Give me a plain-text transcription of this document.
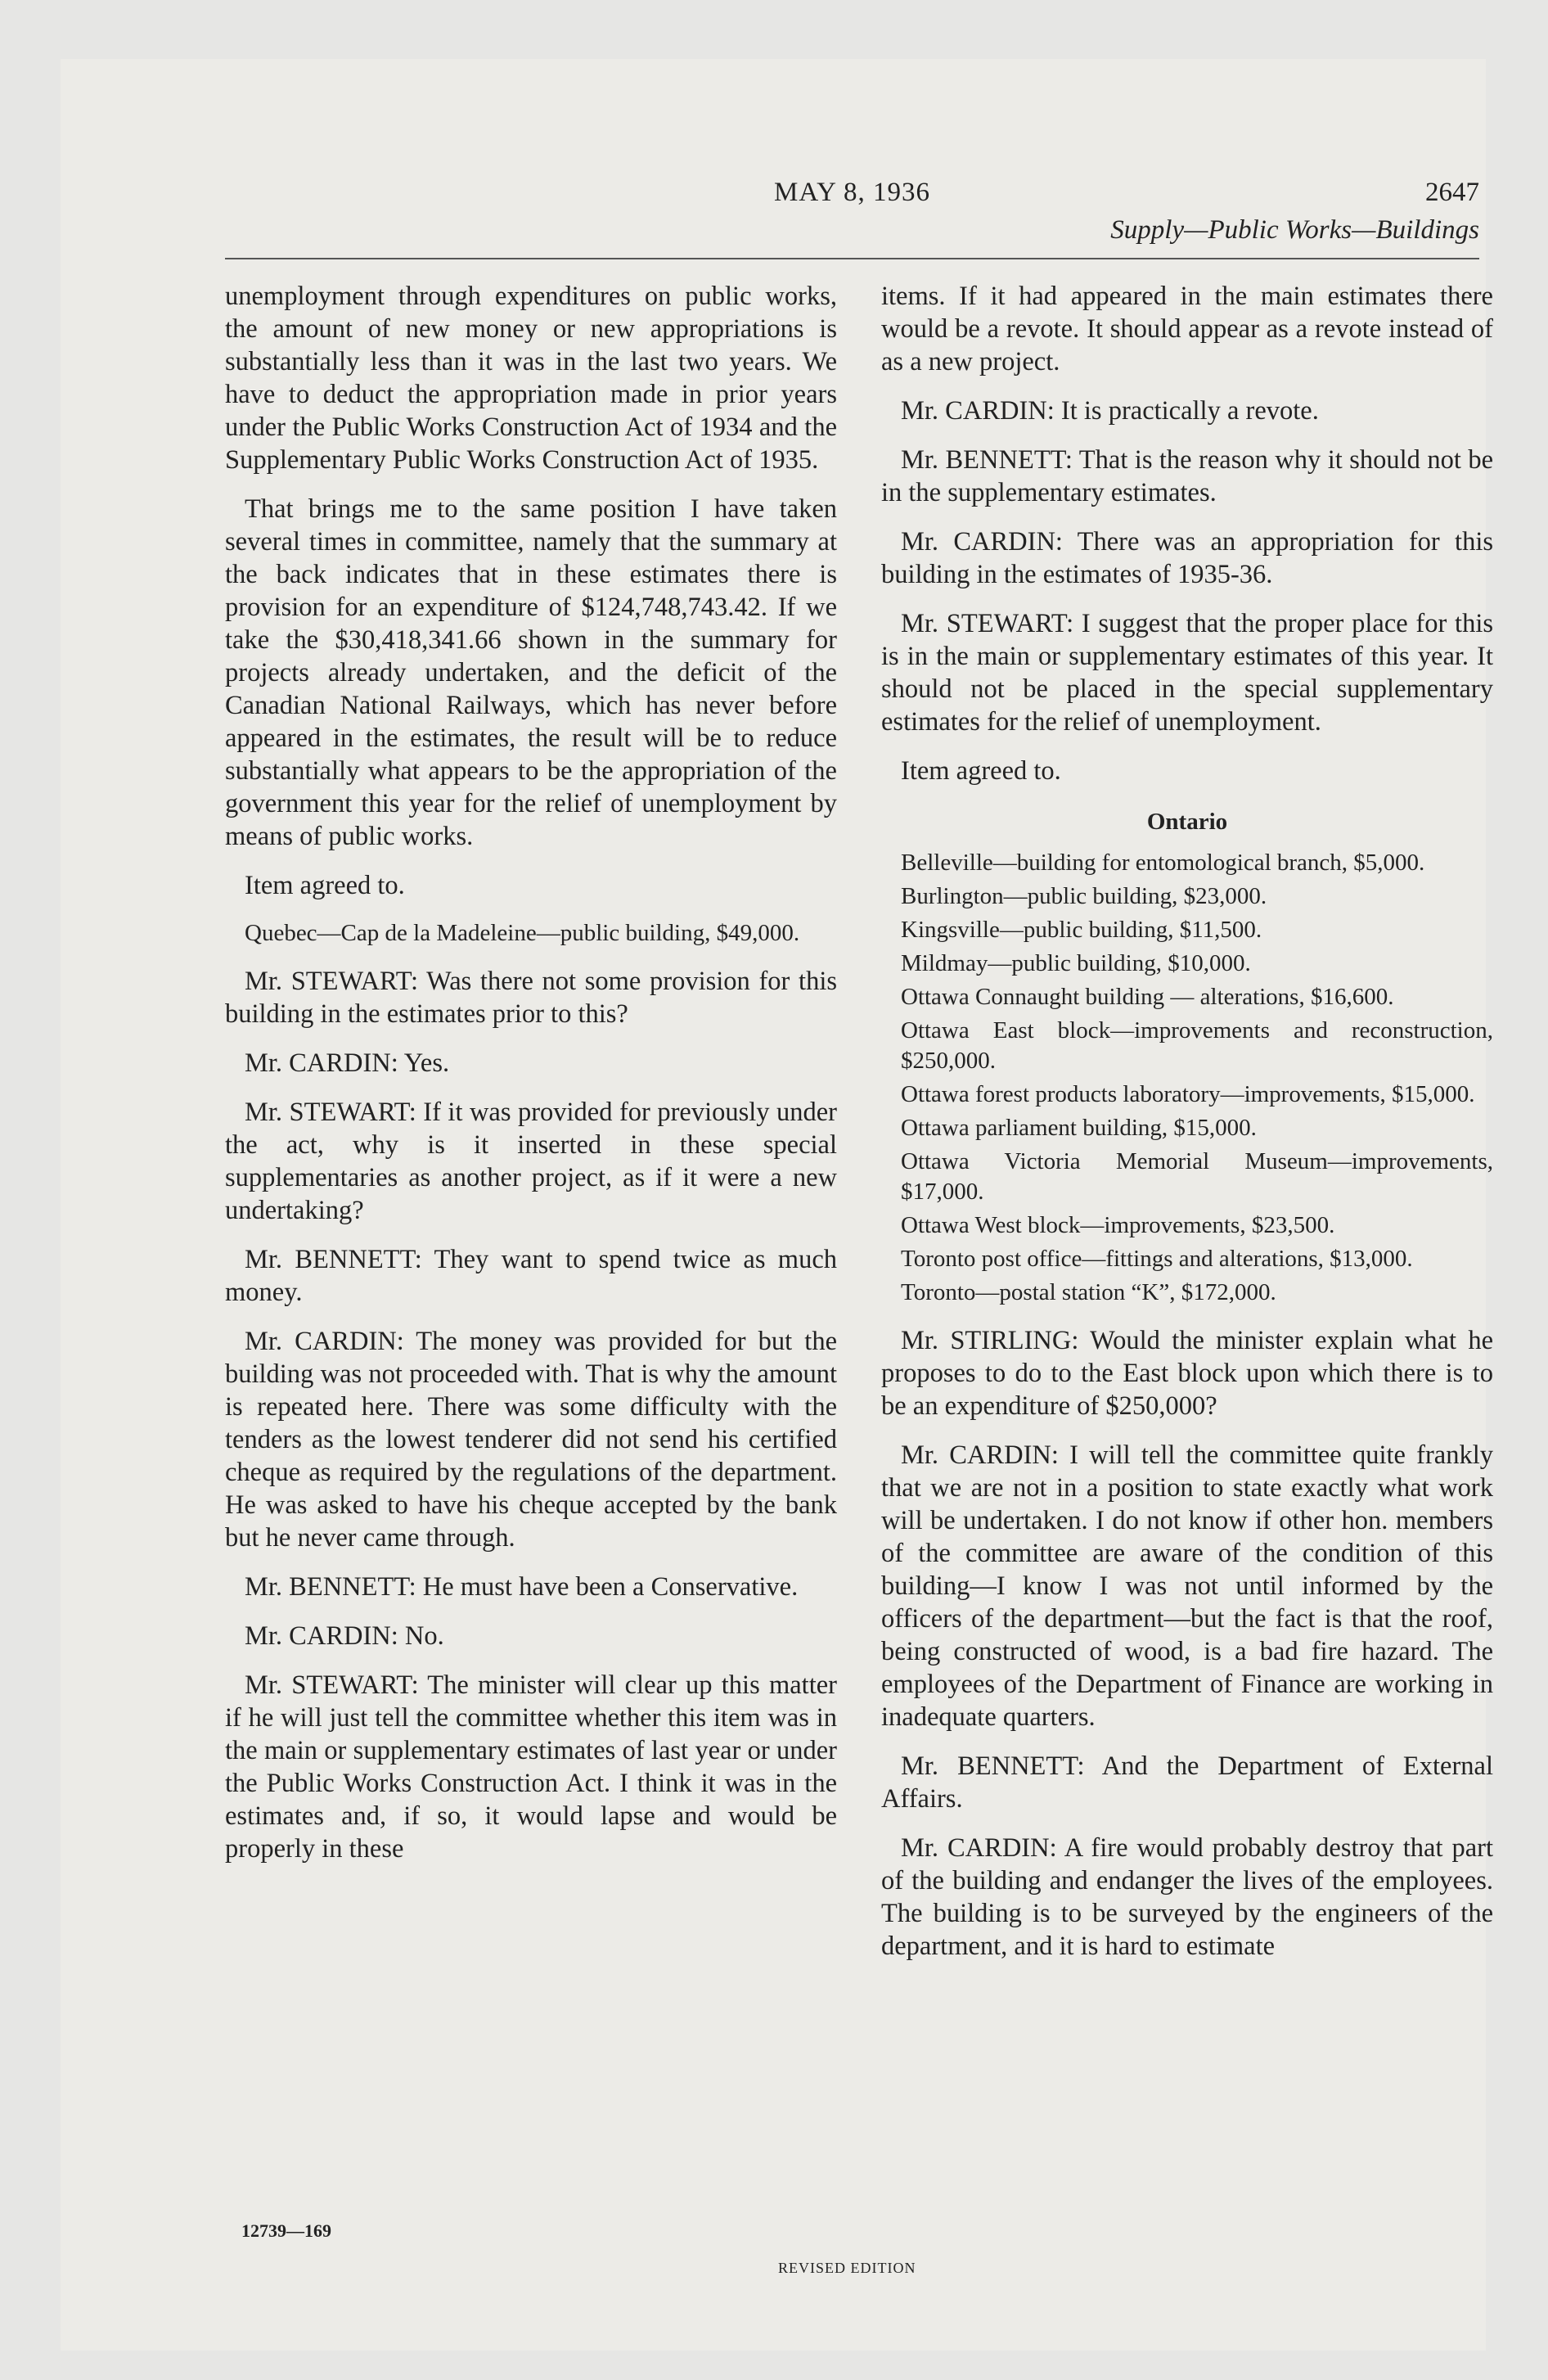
MAY 8, 1936	2647
Supply—Public Works—Buildings

unemployment through expenditures on public works, the amount of new money or new appropriations is substantially less than it was in the last two years. We have to deduct the appropriation made in prior years under the Public Works Construction Act of 1934 and the Supplementary Public Works Construction Act of 1935.

That brings me to the same position I have taken several times in committee, namely that the summary at the back indicates that in these estimates there is provision for an expenditure of $124,748,743.42. If we take the $30,418,341.66 shown in the summary for projects already undertaken, and the deficit of the Canadian National Railways, which has never before appeared in the estimates, the result will be to reduce substantially what appears to be the appropriation of the government this year for the relief of unemployment by means of public works.

Item agreed to.

Quebec—Cap de la Madeleine—public building, $49,000.

Mr. STEWART: Was there not some provision for this building in the estimates prior to this?

Mr. CARDIN: Yes.

Mr. STEWART: If it was provided for previously under the act, why is it inserted in these special supplementaries as another project, as if it were a new undertaking?

Mr. BENNETT: They want to spend twice as much money.

Mr. CARDIN: The money was provided for but the building was not proceeded with. That is why the amount is repeated here. There was some difficulty with the tenders as the lowest tenderer did not send his certified cheque as required by the regulations of the department. He was asked to have his cheque accepted by the bank but he never came through.

Mr. BENNETT: He must have been a Conservative.

Mr. CARDIN: No.

Mr. STEWART: The minister will clear up this matter if he will just tell the committee whether this item was in the main or supplementary estimates of last year or under the Public Works Construction Act. I think it was in the estimates and, if so, it would lapse and would be properly in these

items. If it had appeared in the main estimates there would be a revote. It should appear as a revote instead of as a new project.

Mr. CARDIN: It is practically a revote.

Mr. BENNETT: That is the reason why it should not be in the supplementary estimates.

Mr. CARDIN: There was an appropriation for this building in the estimates of 1935-36.

Mr. STEWART: I suggest that the proper place for this is in the main or supplementary estimates of this year. It should not be placed in the special supplementary estimates for the relief of unemployment.

Item agreed to.

Ontario

Belleville—building for entomological branch, $5,000.

Burlington—public building, $23,000.

Kingsville—public building, $11,500.

Mildmay—public building, $10,000.

Ottawa Connaught building — alterations, $16,600.

Ottawa East block—improvements and reconstruction, $250,000.

Ottawa forest products laboratory—improvements, $15,000.

Ottawa parliament building, $15,000.

Ottawa Victoria Memorial Museum—improvements, $17,000.

Ottawa West block—improvements, $23,500.

Toronto post office—fittings and alterations, $13,000.

Toronto—postal station “K”, $172,000.

Mr. STIRLING: Would the minister explain what he proposes to do to the East block upon which there is to be an expenditure of $250,000?

Mr. CARDIN: I will tell the committee quite frankly that we are not in a position to state exactly what work will be undertaken. I do not know if other hon. members of the committee are aware of the condition of this building—I know I was not until informed by the officers of the department—but the fact is that the roof, being constructed of wood, is a bad fire hazard. The employees of the Department of Finance are working in inadequate quarters.

Mr. BENNETT: And the Department of External Affairs.

Mr. CARDIN: A fire would probably destroy that part of the building and endanger the lives of the employees. The building is to be surveyed by the engineers of the department, and it is hard to estimate

12739—169
REVISED EDITION
